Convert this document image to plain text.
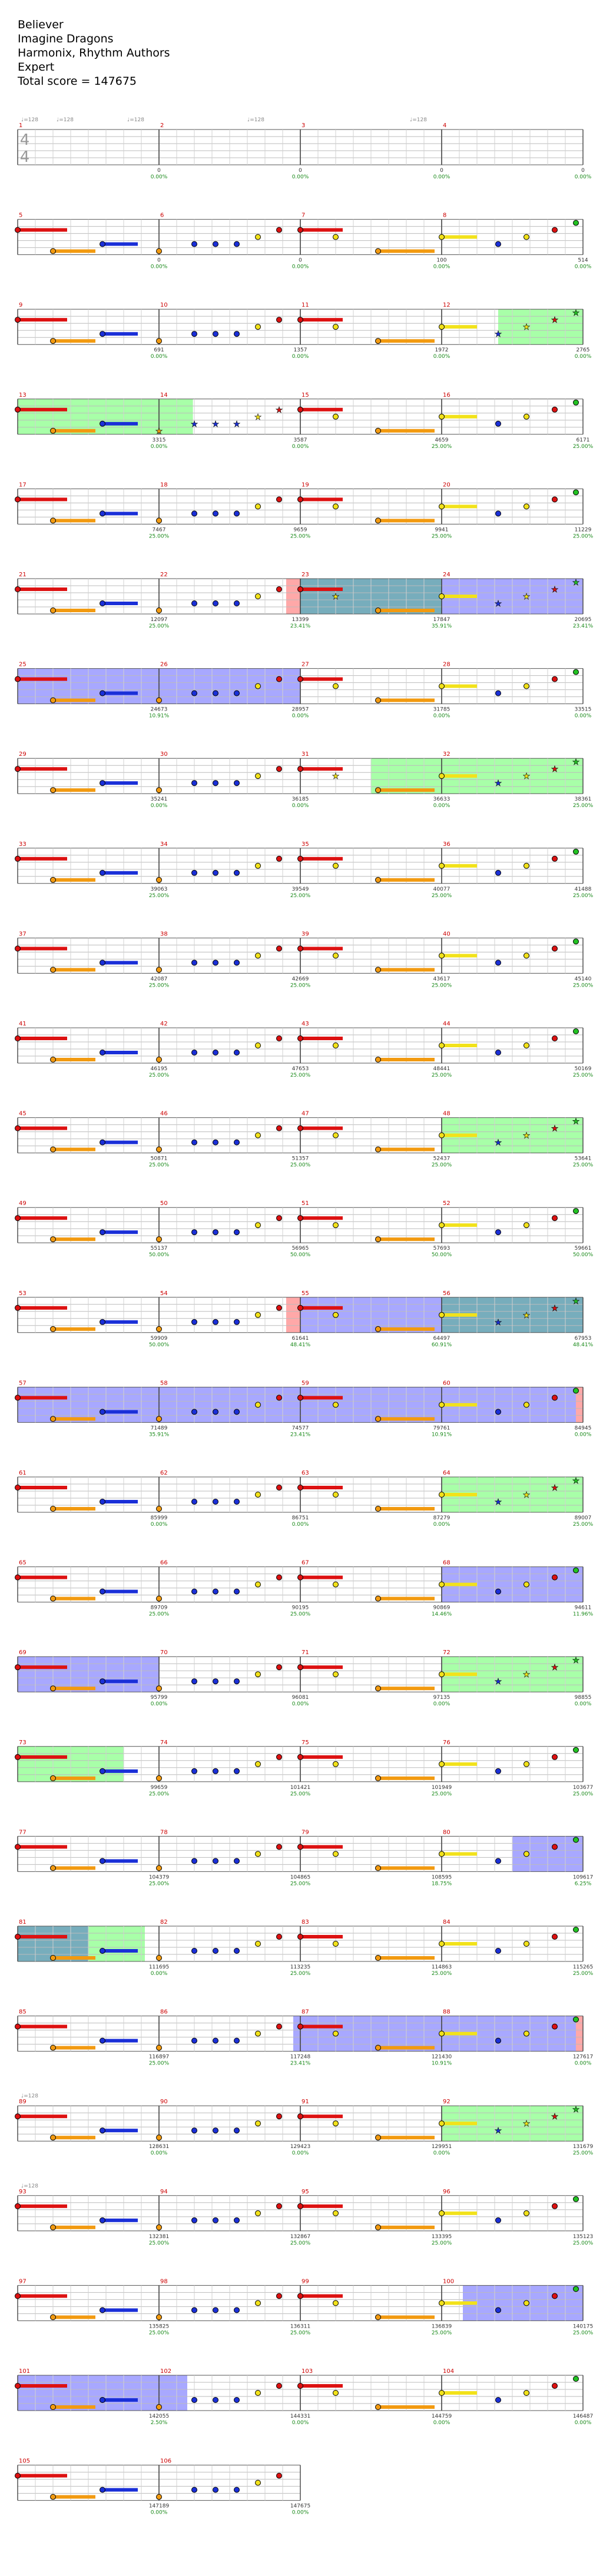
Believer
Imagine Dragons
Harmonix, Rhythm Authors
Expert
Total score = 147675
1
0
0.00%
2
0
0.00%
3
0
0.00%
4
0
0.00%
5
0
0.00%
6
0
0.00%
7
100
0.00%
8
514
0.00%
9
691
0.00%
10
1357
0.00%
11
1972
0.00%
12
2765
0.00%
13
3315
0.00%
14
3587
0.00%
15
4659
25.00%
16
6171
25.00%
17
7467
25.00%
18
9659
25.00%
19
9941
25.00%
20
11229
25.00%
21
12097
25.00%
22
13399
23.41%
23
17847
35.91%
24
20695
23.41%
25
24673
10.91%
26
28957
0.00%
27
31785
0.00%
28
33515
0.00%
29
35241
0.00%
30
36185
0.00%
31
36633
0.00%
32
38361
25.00%
33
39063
25.00%
34
39549
25.00%
35
40077
25.00%
36
41488
25.00%
37
42087
25.00%
38
42669
25.00%
39
43617
25.00%
40
45140
25.00%
41
46195
25.00%
42
47653
25.00%
43
48441
25.00%
44
50169
25.00%
45
50871
25.00%
46
51357
25.00%
47
52437
25.00%
48
53641
25.00%
49
55137
50.00%
50
56965
50.00%
51
57693
50.00%
52
59661
50.00%
53
59909
50.00%
54
61641
48.41%
55
64497
60.91%
56
67953
48.41%
57
71489
35.91%
58
74577
23.41%
59
79761
10.91%
60
84945
0.00%
61
85999
0.00%
62
86751
0.00%
63
87279
0.00%
64
89007
25.00%
65
89709
25.00%
66
90195
25.00%
67
90869
14.46%
68
94611
11.96%
69
95799
0.00%
70
96081
0.00%
71
97135
0.00%
72
98855
0.00%
73
99659
25.00%
74
101421
25.00%
75
101949
25.00%
76
103677
25.00%
77
104379
25.00%
78
104865
25.00%
79
108595
18.75%
80
109617
6.25%
81
111695
0.00%
82
113235
25.00%
83
114863
25.00%
84
115265
25.00%
85
116897
25.00%
86
117248
23.41%
87
121430
10.91%
88
127617
0.00%
89
128631
0.00%
90
129423
0.00%
91
129951
0.00%
92
131679
25.00%
93
132381
25.00%
94
132867
25.00%
95
133395
25.00%
96
135123
25.00%
97
135825
25.00%
98
136311
25.00%
99
136839
25.00%
100
140175
25.00%
101
142055
2.50%
102
144331
0.00%
103
144759
0.00%
104
146487
0.00%
105
147189
0.00%
106
147675
0.00%
4
4
♩=128	♩=128	♩=128	♩=128	♩=128
♩=128
♩=128
★
★
★
★
★
★ ★ ★
★
★
★
★
★
★
★
★
★
★
★
★
★
★
★
★
★
★
★
★
★
★
★
★
★
★
★
★
★
★
★
★
